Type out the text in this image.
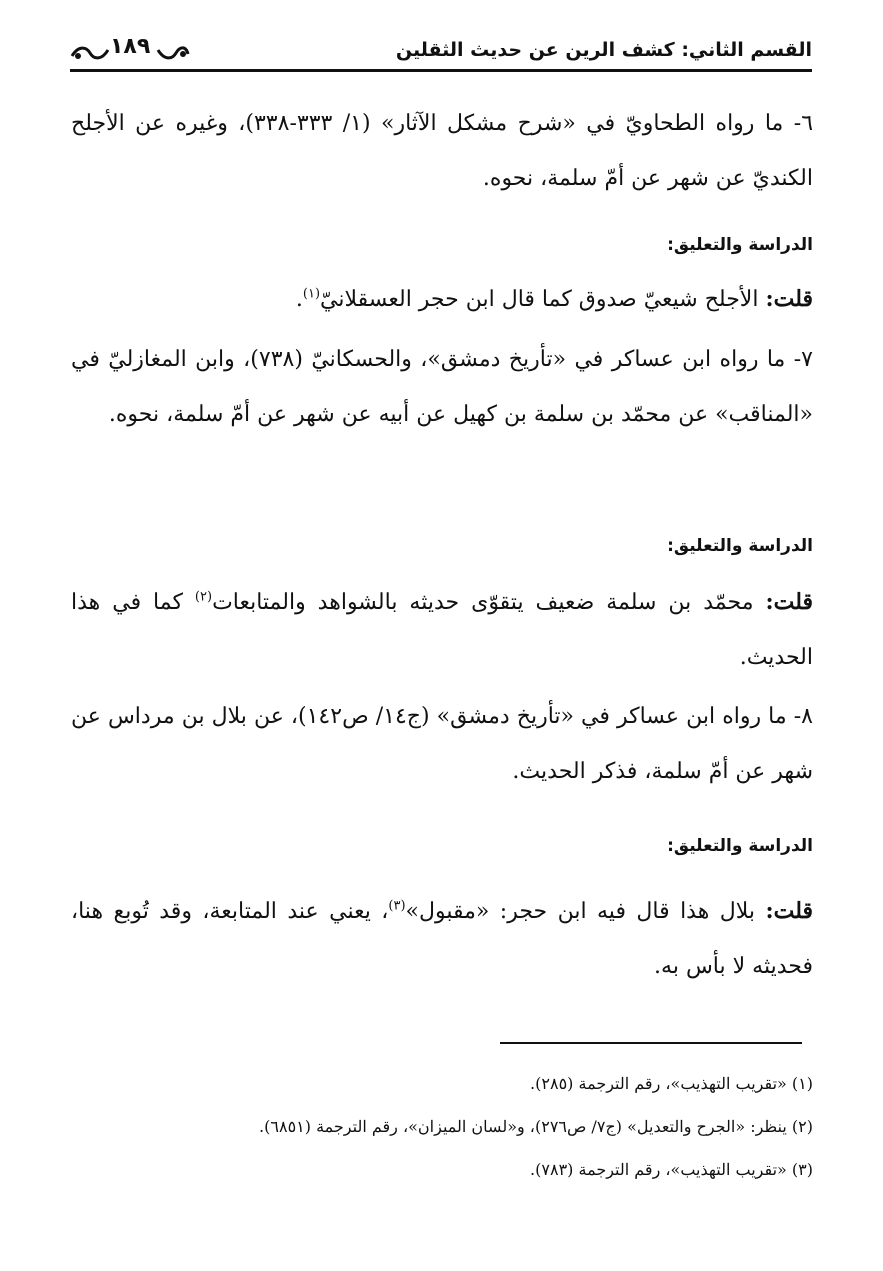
القسم الثاني: كشف الرين عن حديث الثقلين
١٨٩
٦- ما رواه الطحاويّ في «شرح مشكل الآثار» (١/ ٣٣٣-٣٣٨)، وغيره عن الأجلح الكنديّ عن شهر عن أمّ سلمة، نحوه.
الدراسة والتعليق:
قلت: الأجلح شيعيّ صدوق كما قال ابن حجر العسقلانيّ$^{(١)}$.
٧- ما رواه ابن عساكر في «تأريخ دمشق»، والحسكانيّ (٧٣٨)، وابن المغازليّ في «المناقب» عن محمّد بن سلمة بن كهيل عن أبيه عن شهر عن أمّ سلمة، نحوه.
الدراسة والتعليق:
قلت: محمّد بن سلمة ضعيف يتقوّى حديثه بالشواهد والمتابعات$^{(٢)}$ كما في هذا الحديث.
٨- ما رواه ابن عساكر في «تأريخ دمشق» (ج١٤/ ص١٤٢)، عن بلال بن مرداس عن شهر عن أمّ سلمة، فذكر الحديث.
الدراسة والتعليق:
قلت: بلال هذا قال فيه ابن حجر: «مقبول»$^{(٣)}$، يعني عند المتابعة، وقد تُوبع هنا، فحديثه لا بأس به.
(١) «تقريب التهذيب»، رقم الترجمة (٢٨٥).
(٢) ينظر: «الجرح والتعديل» (ج٧/ ص٢٧٦)، و«لسان الميزان»، رقم الترجمة (٦٨٥١).
(٣) «تقريب التهذيب»، رقم الترجمة (٧٨٣).
